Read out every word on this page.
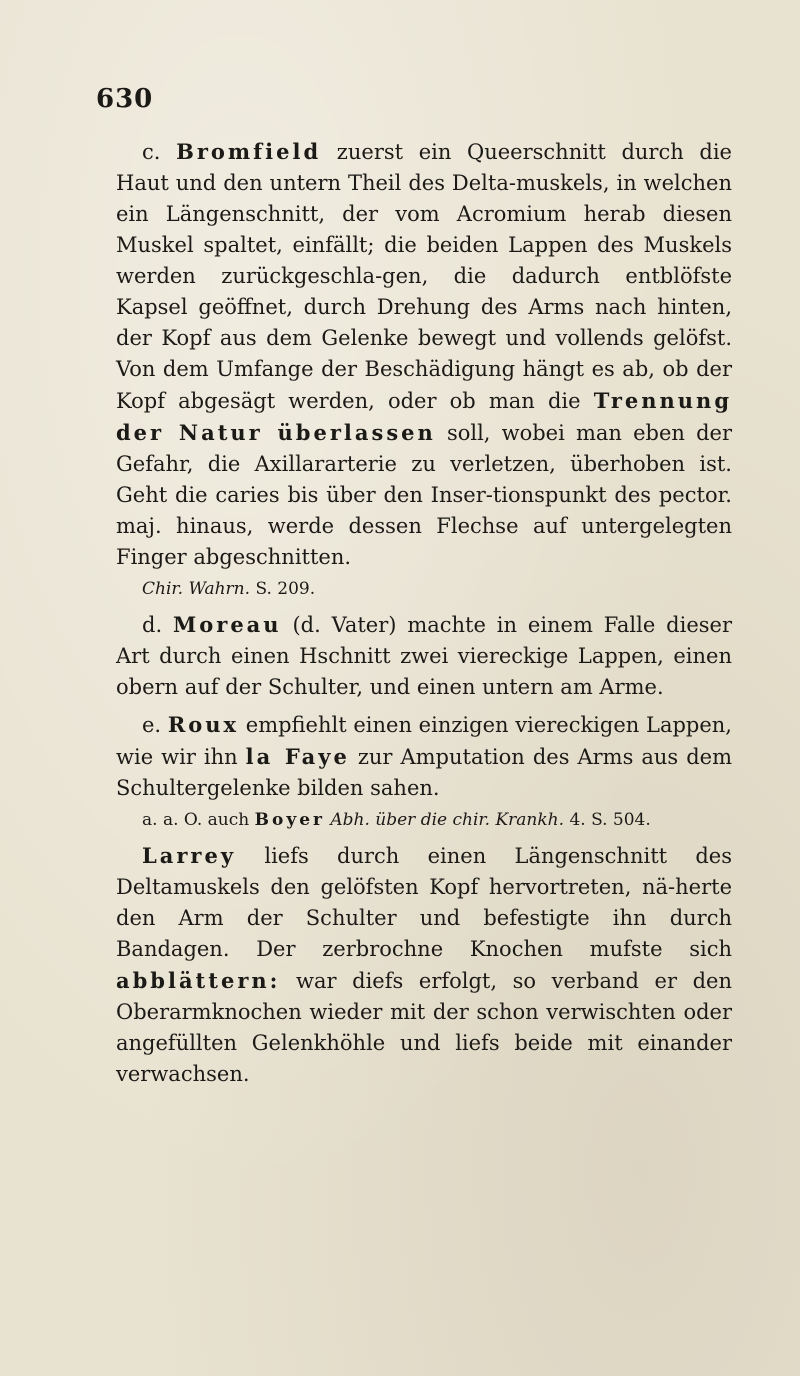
630

c. Bromfield zuerst ein Queerschnitt durch die Haut und den untern Theil des Delta-muskels, in welchen ein Längenschnitt, der vom Acromium herab diesen Muskel spaltet, einfällt; die beiden Lappen des Muskels werden zurückgeschla-gen, die dadurch entblöfste Kapsel geöffnet, durch Drehung des Arms nach hinten, der Kopf aus dem Gelenke bewegt und vollends gelöfst. Von dem Umfange der Beschädigung hängt es ab, ob der Kopf abgesägt werden, oder ob man die Trennung der Natur überlassen soll, wobei man eben der Gefahr, die Axillararterie zu verletzen, überhoben ist. Geht die caries bis über den Inser-tionspunkt des pector. maj. hinaus, werde dessen Flechse auf untergelegten Finger abgeschnitten.

Chir. Wahrn. S. 209.

d. Moreau (d. Vater) machte in einem Falle dieser Art durch einen Hschnitt zwei viereckige Lappen, einen obern auf der Schulter, und einen untern am Arme.

e. Roux empfiehlt einen einzigen viereckigen Lappen, wie wir ihn la Faye zur Amputation des Arms aus dem Schultergelenke bilden sahen.

a. a. O. auch Boyer Abh. über die chir. Krankh. 4. S. 504.

Larrey liefs durch einen Längenschnitt des Deltamuskels den gelöfsten Kopf hervortreten, nä-herte den Arm der Schulter und befestigte ihn durch Bandagen. Der zerbrochne Knochen mufste sich abblättern: war diefs erfolgt, so verband er den Oberarmknochen wieder mit der schon verwischten oder angefüllten Gelenkhöhle und liefs beide mit einander verwachsen.
